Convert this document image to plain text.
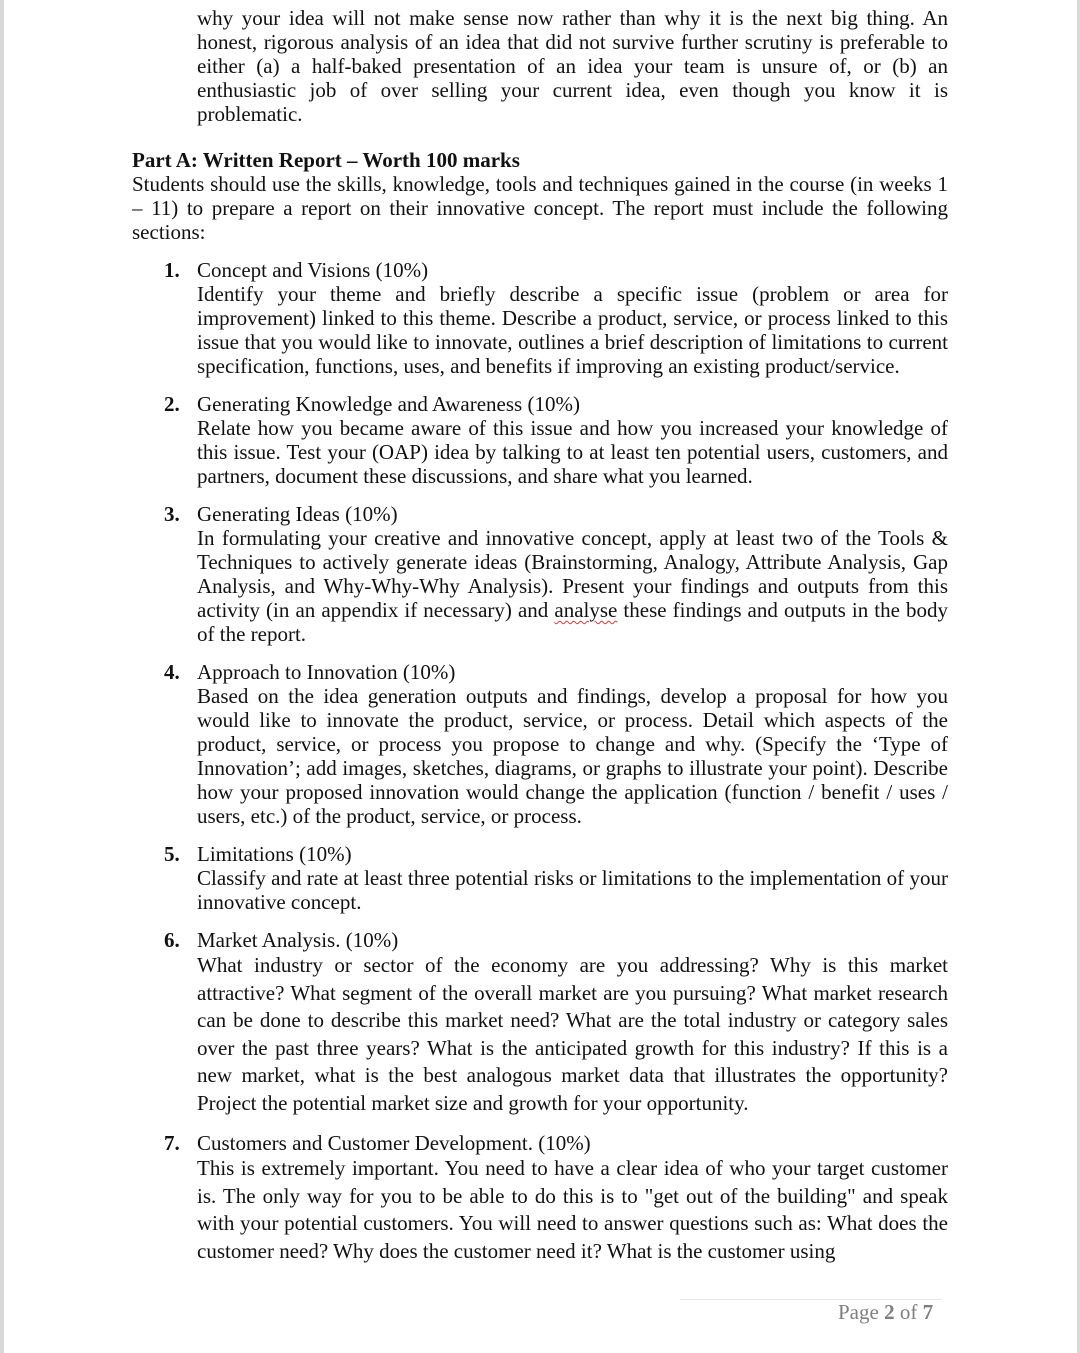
why your idea will not make sense now rather than why it is the next big thing. An honest, rigorous analysis of an idea that did not survive further scrutiny is preferable to either (a) a half-baked presentation of an idea your team is unsure of, or (b) an enthusiastic job of over selling your current idea, even though you know it is problematic.

Part A: Written Report – Worth 100 marks

Students should use the skills, knowledge, tools and techniques gained in the course (in weeks 1 – 11) to prepare a report on their innovative concept. The report must include the following sections:

1. Concept and Visions (10%)
Identify your theme and briefly describe a specific issue (problem or area for improvement) linked to this theme. Describe a product, service, or process linked to this issue that you would like to innovate, outlines a brief description of limitations to current specification, functions, uses, and benefits if improving an existing product/service.
2. Generating Knowledge and Awareness (10%)
Relate how you became aware of this issue and how you increased your knowledge of this issue. Test your (OAP) idea by talking to at least ten potential users, customers, and partners, document these discussions, and share what you learned.
3. Generating Ideas (10%)
In formulating your creative and innovative concept, apply at least two of the Tools & Techniques to actively generate ideas (Brainstorming, Analogy, Attribute Analysis, Gap Analysis, and Why-Why-Why Analysis). Present your findings and outputs from this activity (in an appendix if necessary) and analyse these findings and outputs in the body of the report.
4. Approach to Innovation (10%)
Based on the idea generation outputs and findings, develop a proposal for how you would like to innovate the product, service, or process. Detail which aspects of the product, service, or process you propose to change and why. (Specify the ‘Type of Innovation’; add images, sketches, diagrams, or graphs to illustrate your point). Describe how your proposed innovation would change the application (function / benefit / uses / users, etc.) of the product, service, or process.
5. Limitations (10%)
Classify and rate at least three potential risks or limitations to the implementation of your innovative concept.
6. Market Analysis. (10%)
What industry or sector of the economy are you addressing? Why is this market attractive? What segment of the overall market are you pursuing? What market research can be done to describe this market need? What are the total industry or category sales over the past three years? What is the anticipated growth for this industry? If this is a new market, what is the best analogous market data that illustrates the opportunity? Project the potential market size and growth for your opportunity.
7. Customers and Customer Development. (10%)
This is extremely important. You need to have a clear idea of who your target customer is. The only way for you to be able to do this is to "get out of the building" and speak with your potential customers. You will need to answer questions such as: What does the customer need? Why does the customer need it? What is the customer using
Page 2 of 7
